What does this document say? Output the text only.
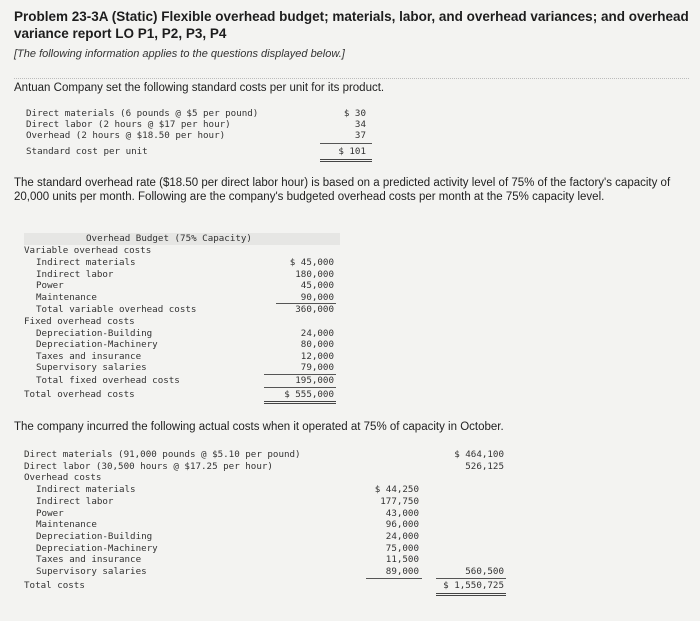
Problem 23-3A (Static) Flexible overhead budget; materials, labor, and overhead variances; and overhead variance report LO P1, P2, P3, P4
[The following information applies to the questions displayed below.]
Antuan Company set the following standard costs per unit for its product.
Direct materials (6 pounds @ $5 per pound)	$ 30
Direct labor (2 hours @ $17 per hour)	34
Overhead (2 hours @ $18.50 per hour)	37
Standard cost per unit	$ 101
The standard overhead rate ($18.50 per direct labor hour) is based on a predicted activity level of 75% of the factory's capacity of 20,000 units per month. Following are the company's budgeted overhead costs per month at the 75% capacity level.
Overhead Budget (75% Capacity)
Variable overhead costs
Indirect materials	$ 45,000
Indirect labor	180,000
Power	45,000
Maintenance	90,000
Total variable overhead costs	360,000
Fixed overhead costs
Depreciation-Building	24,000
Depreciation-Machinery	80,000
Taxes and insurance	12,000
Supervisory salaries	79,000
Total fixed overhead costs	195,000
Total overhead costs	$ 555,000
The company incurred the following actual costs when it operated at 75% of capacity in October.
Direct materials (91,000 pounds @ $5.10 per pound)	$ 464,100
Direct labor (30,500 hours @ $17.25 per hour)	526,125
Overhead costs
Indirect materials	$ 44,250
Indirect labor	177,750
Power	43,000
Maintenance	96,000
Depreciation-Building	24,000
Depreciation-Machinery	75,000
Taxes and insurance	11,500
Supervisory salaries	89,000	560,500
Total costs	$ 1,550,725
